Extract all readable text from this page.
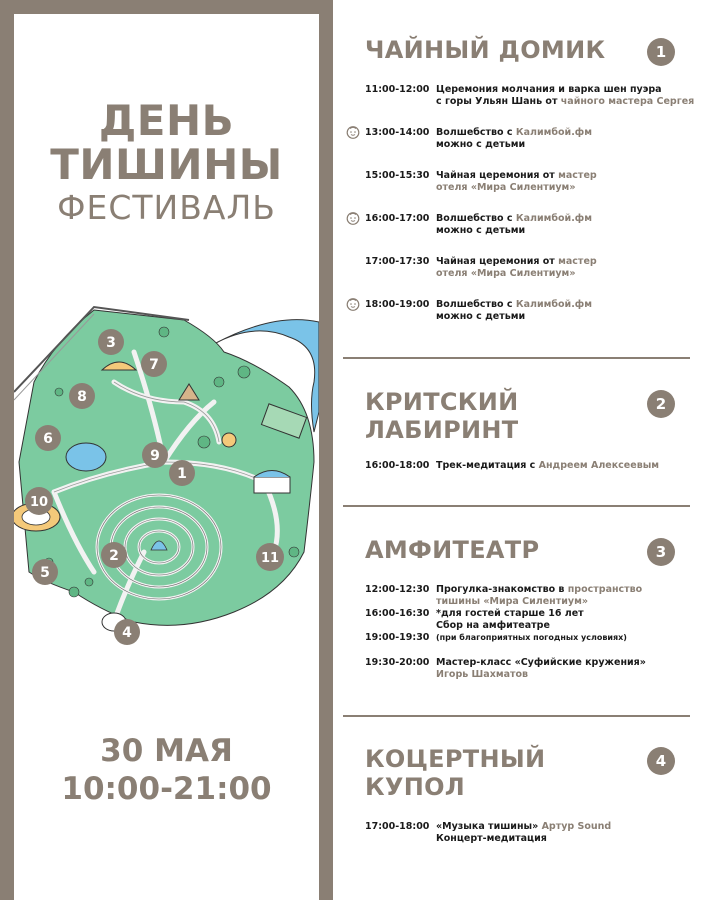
ДЕНЬ
ТИШИНЫ
ФЕСТИВАЛЬ
3
7
8
6
9
1
10
2
5
11
4
30 МАЯ
10:00-21:00
ЧАЙНЫЙ ДОМИК	1
11:00-12:00 Церемония молчания и варка шен пуэра
с горы Ульян Шань от чайного мастера Сергея
13:00-14:00 Волшебство с Калимбой.фм
можно с детьми
15:00-15:30 Чайная церемония от мастер
отеля «Мира Силентиум»
16:00-17:00 Волшебство с Калимбой.фм
можно с детьми
17:00-17:30 Чайная церемония от мастер
отеля «Мира Силентиум»
18:00-19:00 Волшебство с Калимбой.фм
можно с детьми
КРИТСКИЙ
ЛАБИРИНТ
2
16:00-18:00 Трек-медитация с Андреем Алексеевым
АМФИТЕАТР	3
12:00-12:30 Прогулка-знакомство в пространство
тишины «Мира Силентиум»
16:00-16:30 *для гостей старше 16 лет
Сбор на амфитеатре
19:00-19:30 (при благоприятных погодных условиях)
19:30-20:00 Мастер-класс «Суфийские кружения»
Игорь Шахматов
КОЦЕРТНЫЙ
КУПОЛ
4
17:00-18:00 «Музыка тишины» Артур Sound
Концерт-медитация
